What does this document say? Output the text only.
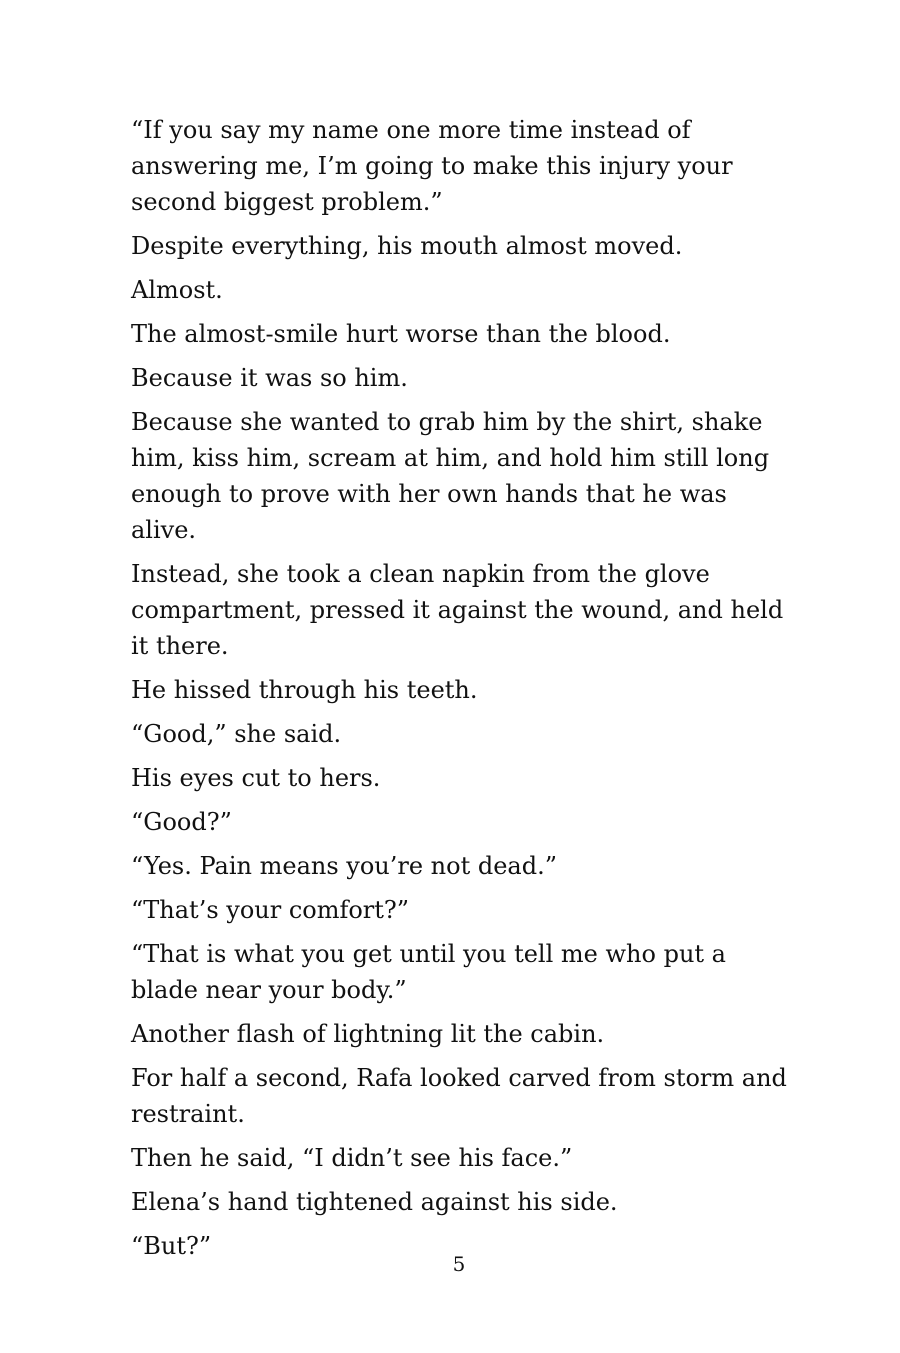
“If you say my name one more time instead of answering me, I’m going to make this injury your second biggest problem.”

Despite everything, his mouth almost moved.

Almost.

The almost-smile hurt worse than the blood.

Because it was so him.

Because she wanted to grab him by the shirt, shake him, kiss him, scream at him, and hold him still long enough to prove with her own hands that he was alive.

Instead, she took a clean napkin from the glove compartment, pressed it against the wound, and held it there.

He hissed through his teeth.

“Good,” she said.

His eyes cut to hers.

“Good?”

“Yes. Pain means you’re not dead.”

“That’s your comfort?”

“That is what you get until you tell me who put a blade near your body.”

Another flash of lightning lit the cabin.

For half a second, Rafa looked carved from storm and restraint.

Then he said, “I didn’t see his face.”

Elena’s hand tightened against his side.

“But?”

5
